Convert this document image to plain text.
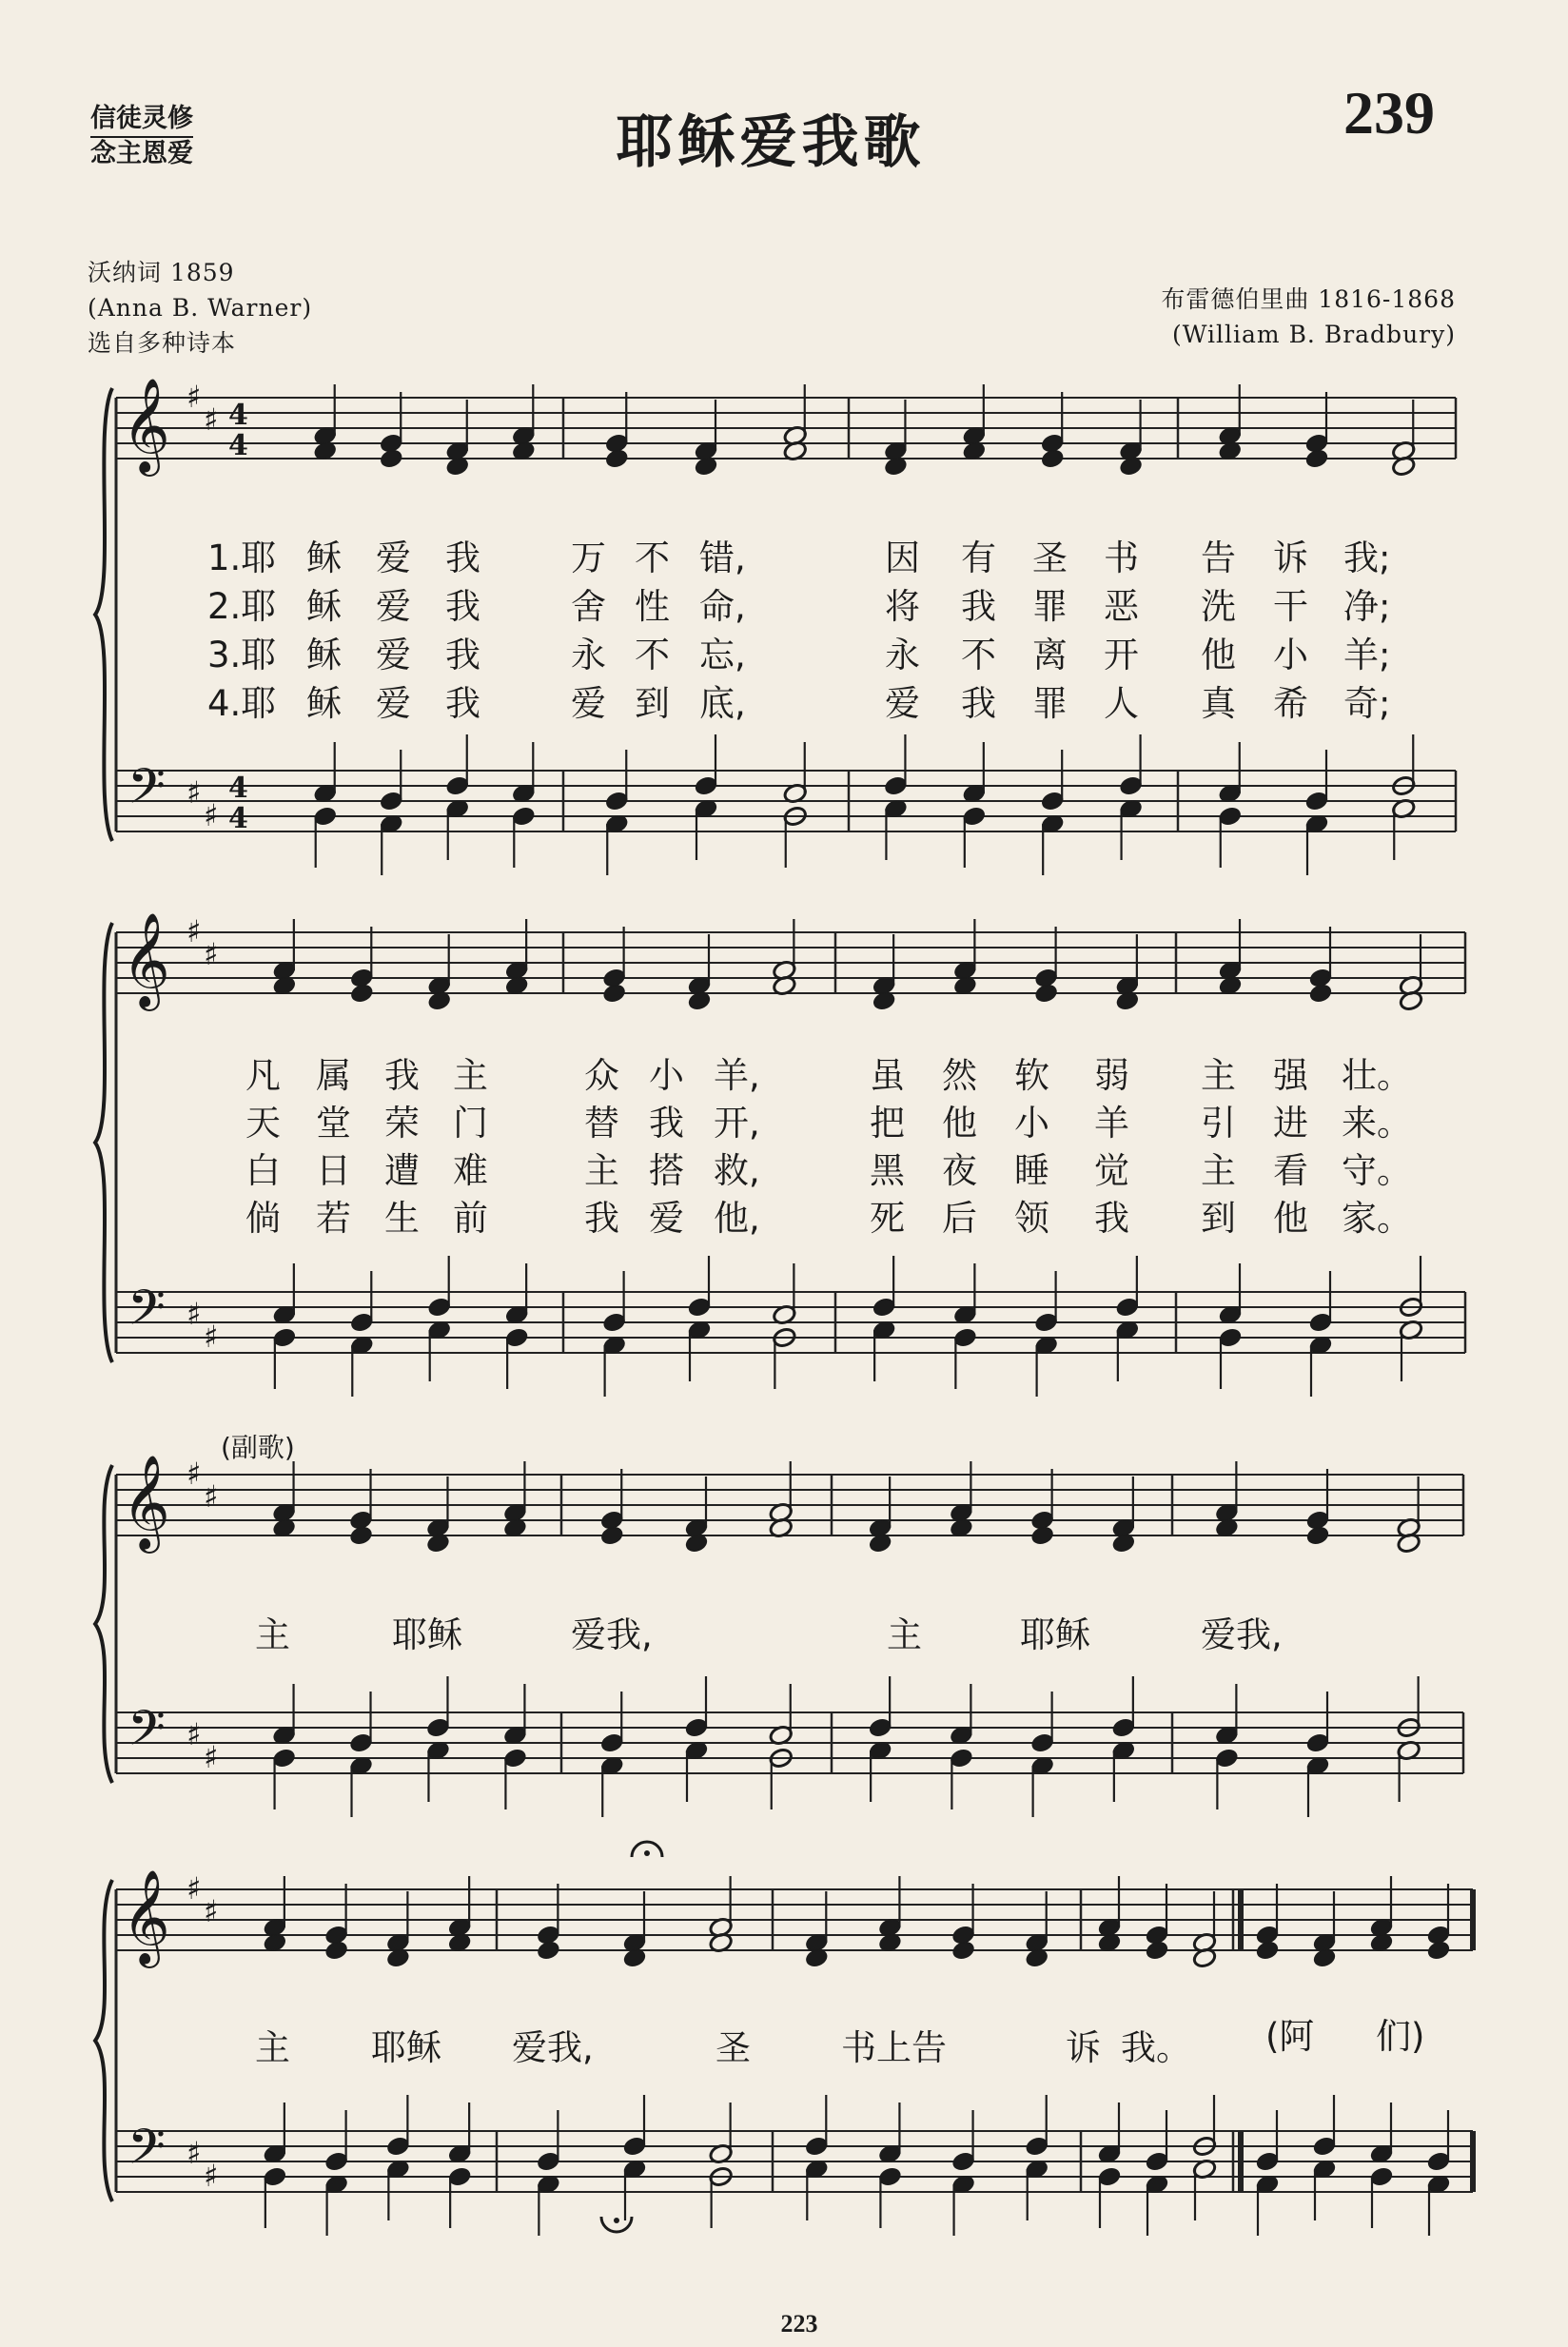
信徒灵修
念主恩爱	耶稣爱我歌	239
沃纳词 1859
(Anna B. Warner)
选自多种诗本
布雷德伯里曲 1816-1868
(William B. Bradbury)
𝄞
𝄢
♯
♯
♯
♯
4
4
4
4
𝄞
𝄢
♯
♯
♯
♯
𝄞
𝄢
♯
♯
♯
♯
𝄞
𝄢
♯
♯
♯
♯
1.耶 稣 爱 我	万 不 错,	因 有 圣 书 告 诉 我;
2.耶 稣 爱 我	舍 性 命,	将 我 罪 恶 洗 干 净;
3.耶 稣 爱 我	永 不 忘,	永 不 离 开 他 小 羊;
4.耶 稣 爱 我	爱 到 底,	爱 我 罪 人 真 希 奇;
凡 属 我 主	众 小 羊,	虽 然 软 弱 主 强 壮。
天 堂 荣 门	替 我 开,	把 他 小 羊 引 进 来。
白 日 遭 难	主 搭 救,	黑 夜 睡 觉 主 看 守。
倘 若 生 前	我 爱 他,	死 后 领 我 到 他 家。
主	耶稣	爱我,	主	耶稣	爱我,
主 耶稣 爱我,	圣	书上告	诉 我。 (阿 们)
(副歌)
223
